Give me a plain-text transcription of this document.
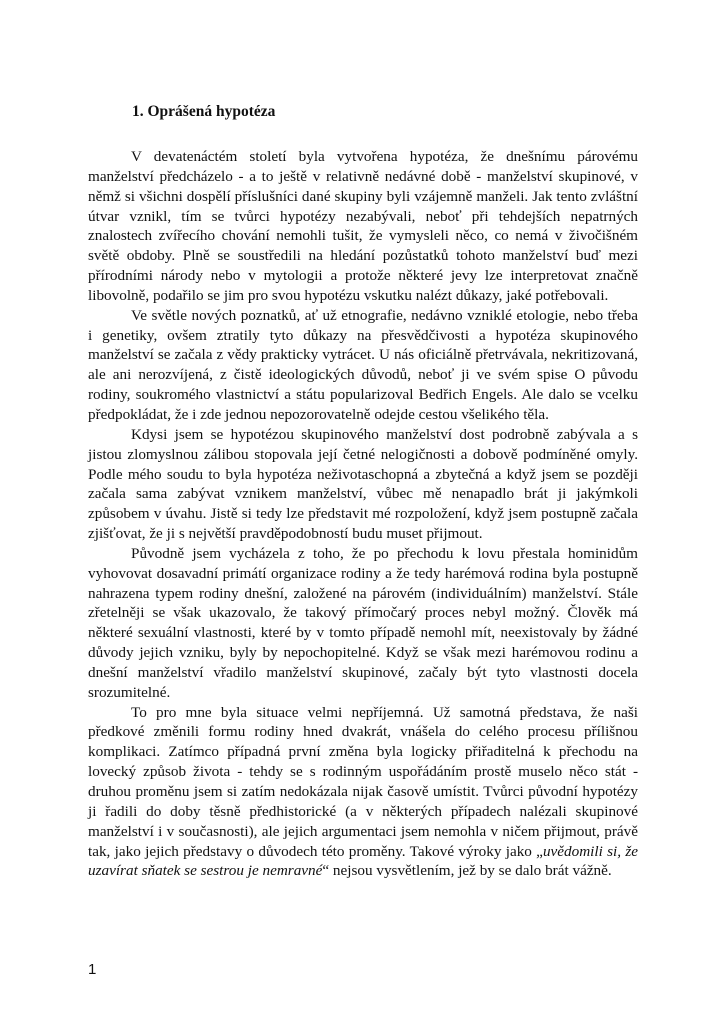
1. Oprášená hypotéza

V devatenáctém století byla vytvořena hypotéza, že dnešnímu párovému manželství předcházelo - a to ještě v relativně nedávné době - manželství skupinové, v němž si všichni dospělí příslušníci dané skupiny byli vzájemně manželi. Jak tento zvláštní útvar vznikl, tím se tvůrci hypotézy nezabývali, neboť při tehdejších nepatrných znalostech zvířecího chování nemohli tušit, že vymysleli něco, co nemá v živočišném světě obdoby. Plně se soustředili na hledání pozůstatků tohoto manželství buď mezi přírodními národy nebo v mytologii a protože některé jevy lze interpretovat značně libovolně, podařilo se jim pro svou hypotézu vskutku nalézt důkazy, jaké potřebovali.

Ve světle nových poznatků, ať už etnografie, nedávno vzniklé etologie, nebo třeba i genetiky, ovšem ztratily tyto důkazy na přesvědčivosti a hypotéza skupinového manželství se začala z vědy prakticky vytrácet. U nás oficiálně přetrvávala, nekritizovaná, ale ani nerozvíjená, z čistě ideologických důvodů, neboť ji ve svém spise O původu rodiny, soukromého vlastnictví a státu popularizoval Bedřich Engels. Ale dalo se vcelku předpokládat, že i zde jednou nepozorovatelně odejde cestou všelikého těla.

Kdysi jsem se hypotézou skupinového manželství dost podrobně zabývala a s jistou zlomyslnou zálibou stopovala její četné nelogičnosti a dobově podmíněné omyly. Podle mého soudu to byla hypotéza neživotaschopná a zbytečná a když jsem se později začala sama zabývat vznikem manželství, vůbec mě nenapadlo brát ji jakýmkoli způsobem v úvahu. Jistě si tedy lze představit mé rozpoložení, když jsem postupně začala zjišťovat, že ji s největší pravděpodobností budu muset přijmout.

Původně jsem vycházela z toho, že po přechodu k lovu přestala hominidům vyhovovat dosavadní primátí organizace rodiny a že tedy harémová rodina byla postupně nahrazena typem rodiny dnešní, založené na párovém (individuálním) manželství. Stále zřetelněji se však ukazovalo, že takový přímočarý proces nebyl možný. Člověk má některé sexuální vlastnosti, které by v tomto případě nemohl mít, neexistovaly by žádné důvody jejich vzniku, byly by nepochopitelné. Když se však mezi harémovou rodinu a dnešní manželství vřadilo manželství skupinové, začaly být tyto vlastnosti docela srozumitelné.

To pro mne byla situace velmi nepříjemná. Už samotná představa, že naši předkové změnili formu rodiny hned dvakrát, vnášela do celého procesu přílišnou komplikaci. Zatímco případná první změna byla logicky přiřaditelná k přechodu na lovecký způsob života - tehdy se s rodinným uspořádáním prostě muselo něco stát - druhou proměnu jsem si zatím nedokázala nijak časově umístit. Tvůrci původní hypotézy ji řadili do doby těsně předhistorické (a v některých případech nalézali skupinové manželství i v současnosti), ale jejich argumentaci jsem nemohla v ničem přijmout, právě tak, jako jejich představy o důvodech této proměny. Takové výroky jako „uvědomili si, že uzavírat sňatek se sestrou je nemravné“ nejsou vysvětlením, jež by se dalo brát vážně.

1
